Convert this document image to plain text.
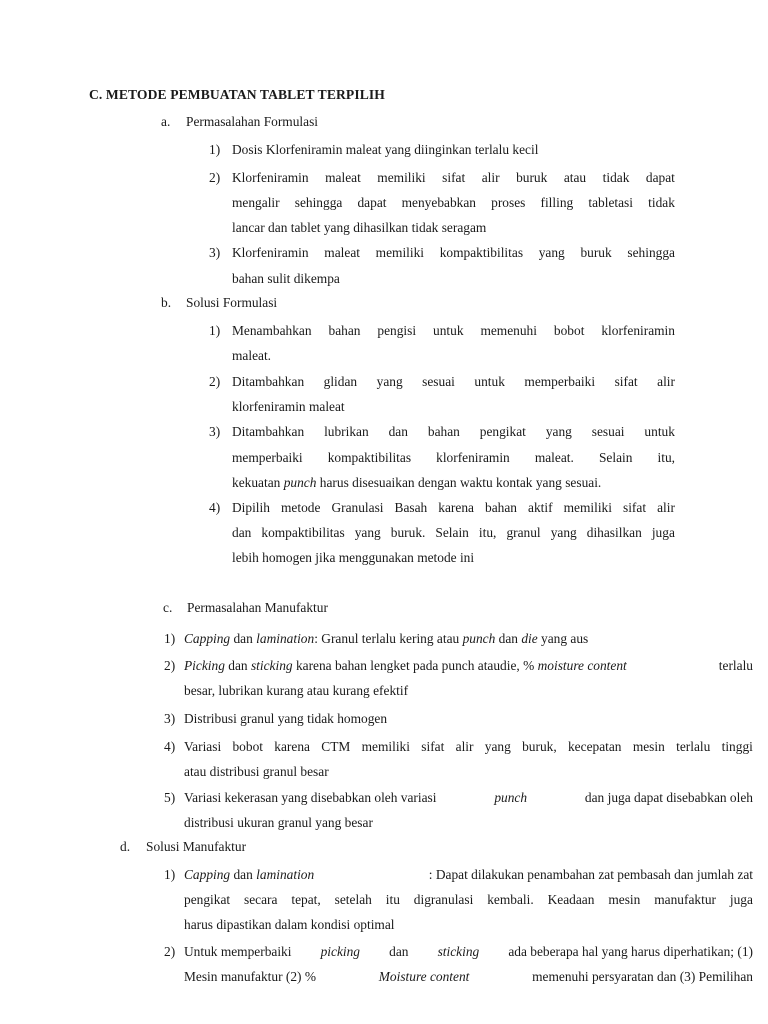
C. METODE PEMBUATAN TABLET TERPILIH
a. Permasalahan Formulasi
1) Dosis Klorfeniramin maleat yang diinginkan terlalu kecil
2) Klorfeniramin maleat memiliki sifat alir buruk atau tidak dapat
mengalir sehingga dapat menyebabkan proses filling tabletasi tidak
lancar dan tablet yang dihasilkan tidak seragam
3) Klorfeniramin maleat memiliki kompaktibilitas yang buruk sehingga
bahan sulit dikempa
b. Solusi Formulasi
1) Menambahkan bahan pengisi untuk memenuhi bobot klorfeniramin
maleat.
2) Ditambahkan glidan yang sesuai untuk memperbaiki sifat alir
klorfeniramin maleat
3) Ditambahkan lubrikan dan bahan pengikat yang sesuai untuk
memperbaiki kompaktibilitas klorfeniramin maleat. Selain itu,
kekuatan punch harus disesuaikan dengan waktu kontak yang sesuai.
4) Dipilih metode Granulasi Basah karena bahan aktif memiliki sifat alir
dan kompaktibilitas yang buruk. Selain itu, granul yang dihasilkan juga
lebih homogen jika menggunakan metode ini
c. Permasalahan Manufaktur
1) Capping dan lamination: Granul terlalu kering atau punch dan die yang aus
2) Picking dan sticking karena bahan lengket pada punch ataudie, % moisture content	terlalu
besar, lubrikan kurang atau kurang efektif
3) Distribusi granul yang tidak homogen
4) Variasi bobot karena CTM memiliki sifat alir yang buruk, kecepatan mesin terlalu tinggi
atau distribusi granul besar
5) Variasi kekerasan yang disebabkan oleh variasi	punch	dan juga dapat disebabkan oleh
distribusi ukuran granul yang besar
d. Solusi Manufaktur
1) Capping dan lamination	: Dapat dilakukan penambahan zat pembasah dan jumlah zat
pengikat secara tepat, setelah itu digranulasi kembali. Keadaan mesin manufaktur juga
harus dipastikan dalam kondisi optimal
2) Untuk memperbaiki picking dan sticking ada beberapa hal yang harus diperhatikan; (1)
Mesin manufaktur (2) %	Moisture content	memenuhi persyaratan dan (3) Pemilihan
